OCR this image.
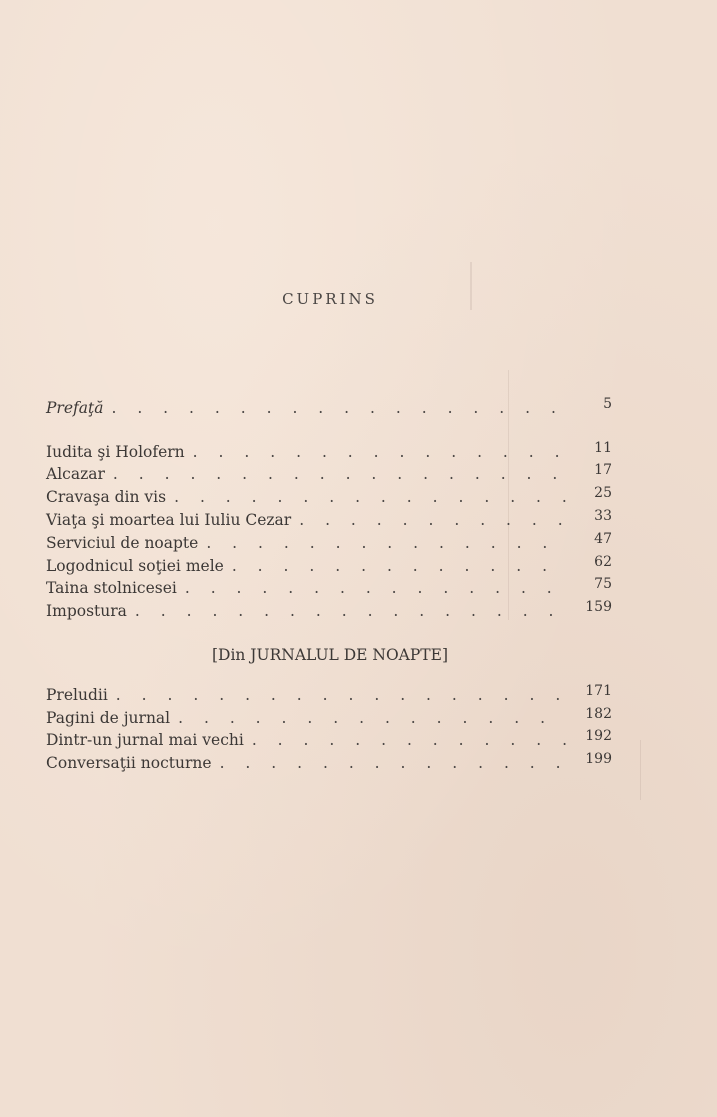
CUPRINS
Prefaţă . . .	5
Iudita şi Holofern . . .	11
Alcazar . . .	17
Cravaşa din vis . . .	25
Viaţa şi moartea lui Iuliu Cezar . . .	33
Serviciul de noapte . . .	47
Logodnicul soţiei mele . . .	62
Taina stolnicesei . . .	75
Impostura . . .	159
[Din JURNALUL DE NOAPTE]
Preludii . . .	171
Pagini de jurnal . . .	182
Dintr-un jurnal mai vechi . . .	192
Conversaţii nocturne . . .	199
